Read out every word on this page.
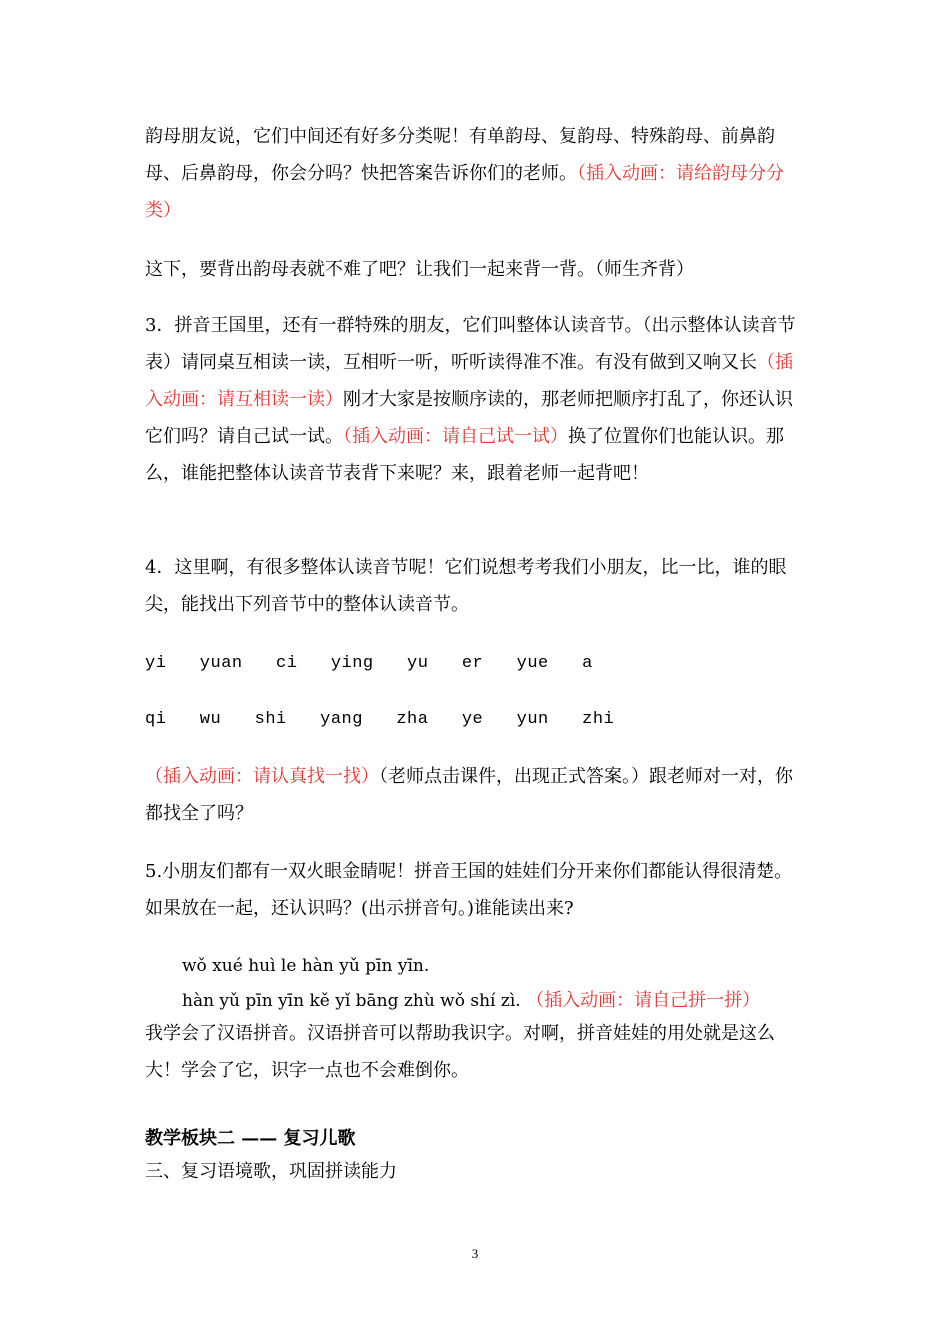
韵母朋友说，它们中间还有好多分类呢！有单韵母、复韵母、特殊韵母、前鼻韵母、后鼻韵母，你会分吗？快把答案告诉你们的老师。（插入动画：请给韵母分分类）
这下，要背出韵母表就不难了吧？让我们一起来背一背。（师生齐背）
3．拼音王国里，还有一群特殊的朋友，它们叫整体认读音节。（出示整体认读音节表）请同桌互相读一读，互相听一听，听听读得准不准。有没有做到又响又长（插入动画：请互相读一读）刚才大家是按顺序读的，那老师把顺序打乱了，你还认识它们吗？请自己试一试。（插入动画：请自己试一试）换了位置你们也能认识。那么，谁能把整体认读音节表背下来呢？来，跟着老师一起背吧！
4．这里啊，有很多整体认读音节呢！它们说想考考我们小朋友，比一比，谁的眼尖，能找出下列音节中的整体认读音节。
yi  yuan  ci  ying  yu  er  yue  a
qi  wu  shi  yang  zha  ye  yun  zhi
（插入动画：请认真找一找）（老师点击课件，出现正式答案。）跟老师对一对，你都找全了吗？
5.小朋友们都有一双火眼金睛呢！拼音王国的娃娃们分开来你们都能认得很清楚。如果放在一起，还认识吗？(出示拼音句。)谁能读出来?
wǒ xué huì le hàn yǔ pīn yīn.
hàn yǔ pīn yīn kě yǐ bāng zhù wǒ shí zì. （插入动画：请自己拼一拼）
我学会了汉语拼音。汉语拼音可以帮助我识字。对啊，拼音娃娃的用处就是这么大！学会了它，识字一点也不会难倒你。
教学板块二 —— 复习儿歌
三、复习语境歌，巩固拼读能力
3
